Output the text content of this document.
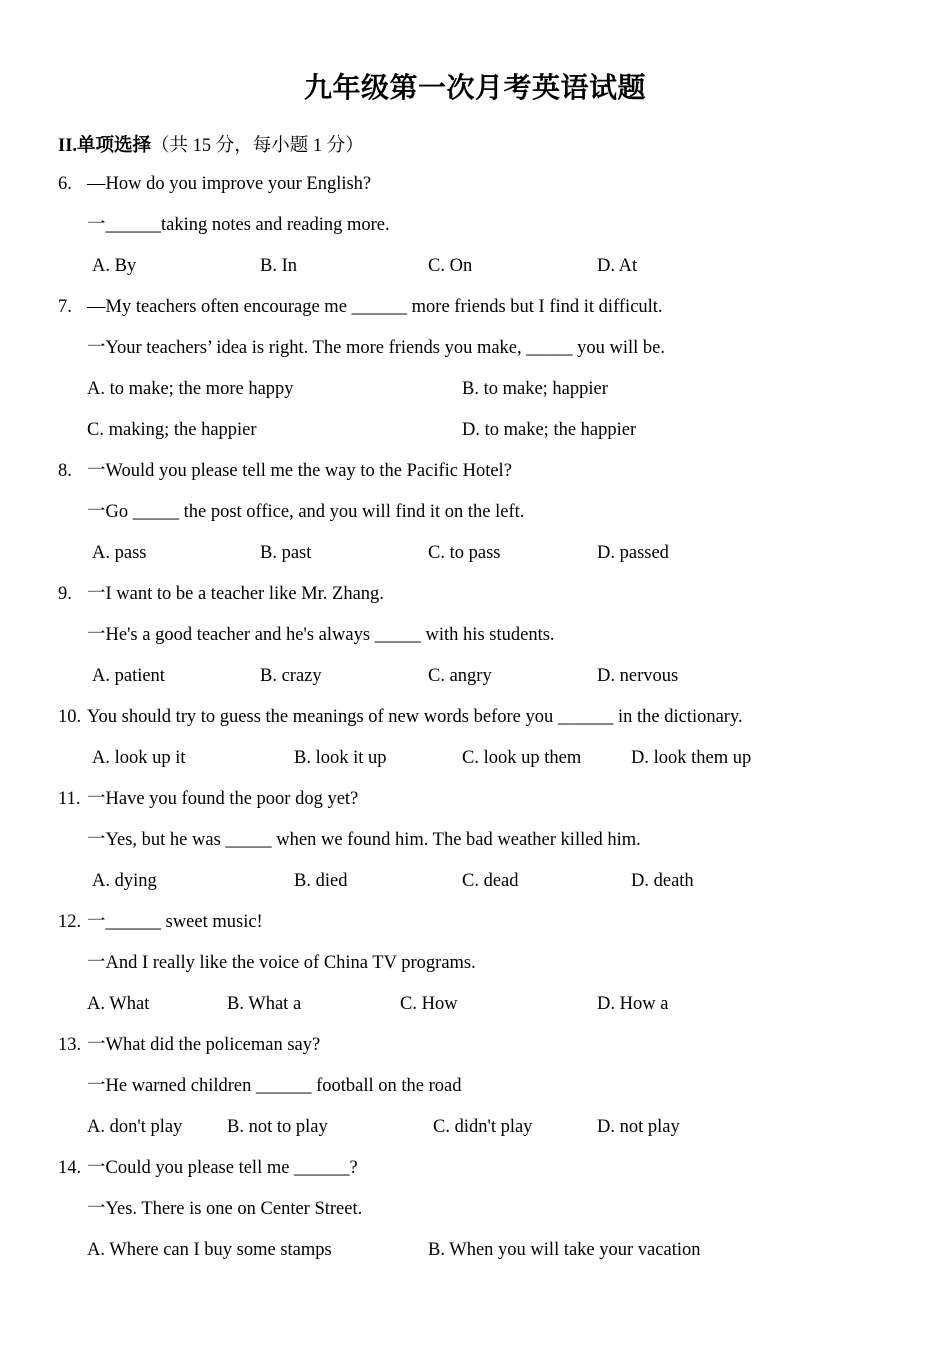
九年级第一次月考英语试题
II.单项选择（共 15 分，每小题 1 分）
6. —How do you improve your English?
一______taking notes and reading more.
A. By	B. In	C. On	D. At
7. —My teachers often encourage me ______ more friends but I find it difficult.
一Your teachers’ idea is right. The more friends you make, _____ you will be.
A. to make; the more happy	B. to make; happier
C. making; the happier	D. to make; the happier
8. 一Would you please tell me the way to the Pacific Hotel?
一Go _____ the post office, and you will find it on the left.
A. pass	B. past	C. to pass	D. passed
9. 一I want to be a teacher like Mr. Zhang.
一He's a good teacher and he's always _____ with his students.
A. patient	B. crazy	C. angry	D. nervous
10. You should try to guess the meanings of new words before you ______ in the dictionary.
A. look up it	B. look it up	C. look up them	D. look them up
11. 一Have you found the poor dog yet?
一Yes, but he was _____ when we found him. The bad weather killed him.
A. dying	B. died	C. dead	D. death
12. 一______ sweet music!
一And I really like the voice of China TV programs.
A. What	B. What a	C. How	D. How a
13. 一What did the policeman say?
一He warned children ______ football on the road
A. don't play B. not to play	C. didn't play	D. not play
14. 一Could you please tell me ______?
一Yes. There is one on Center Street.
A. Where can I buy some stamps	B. When you will take your vacation
